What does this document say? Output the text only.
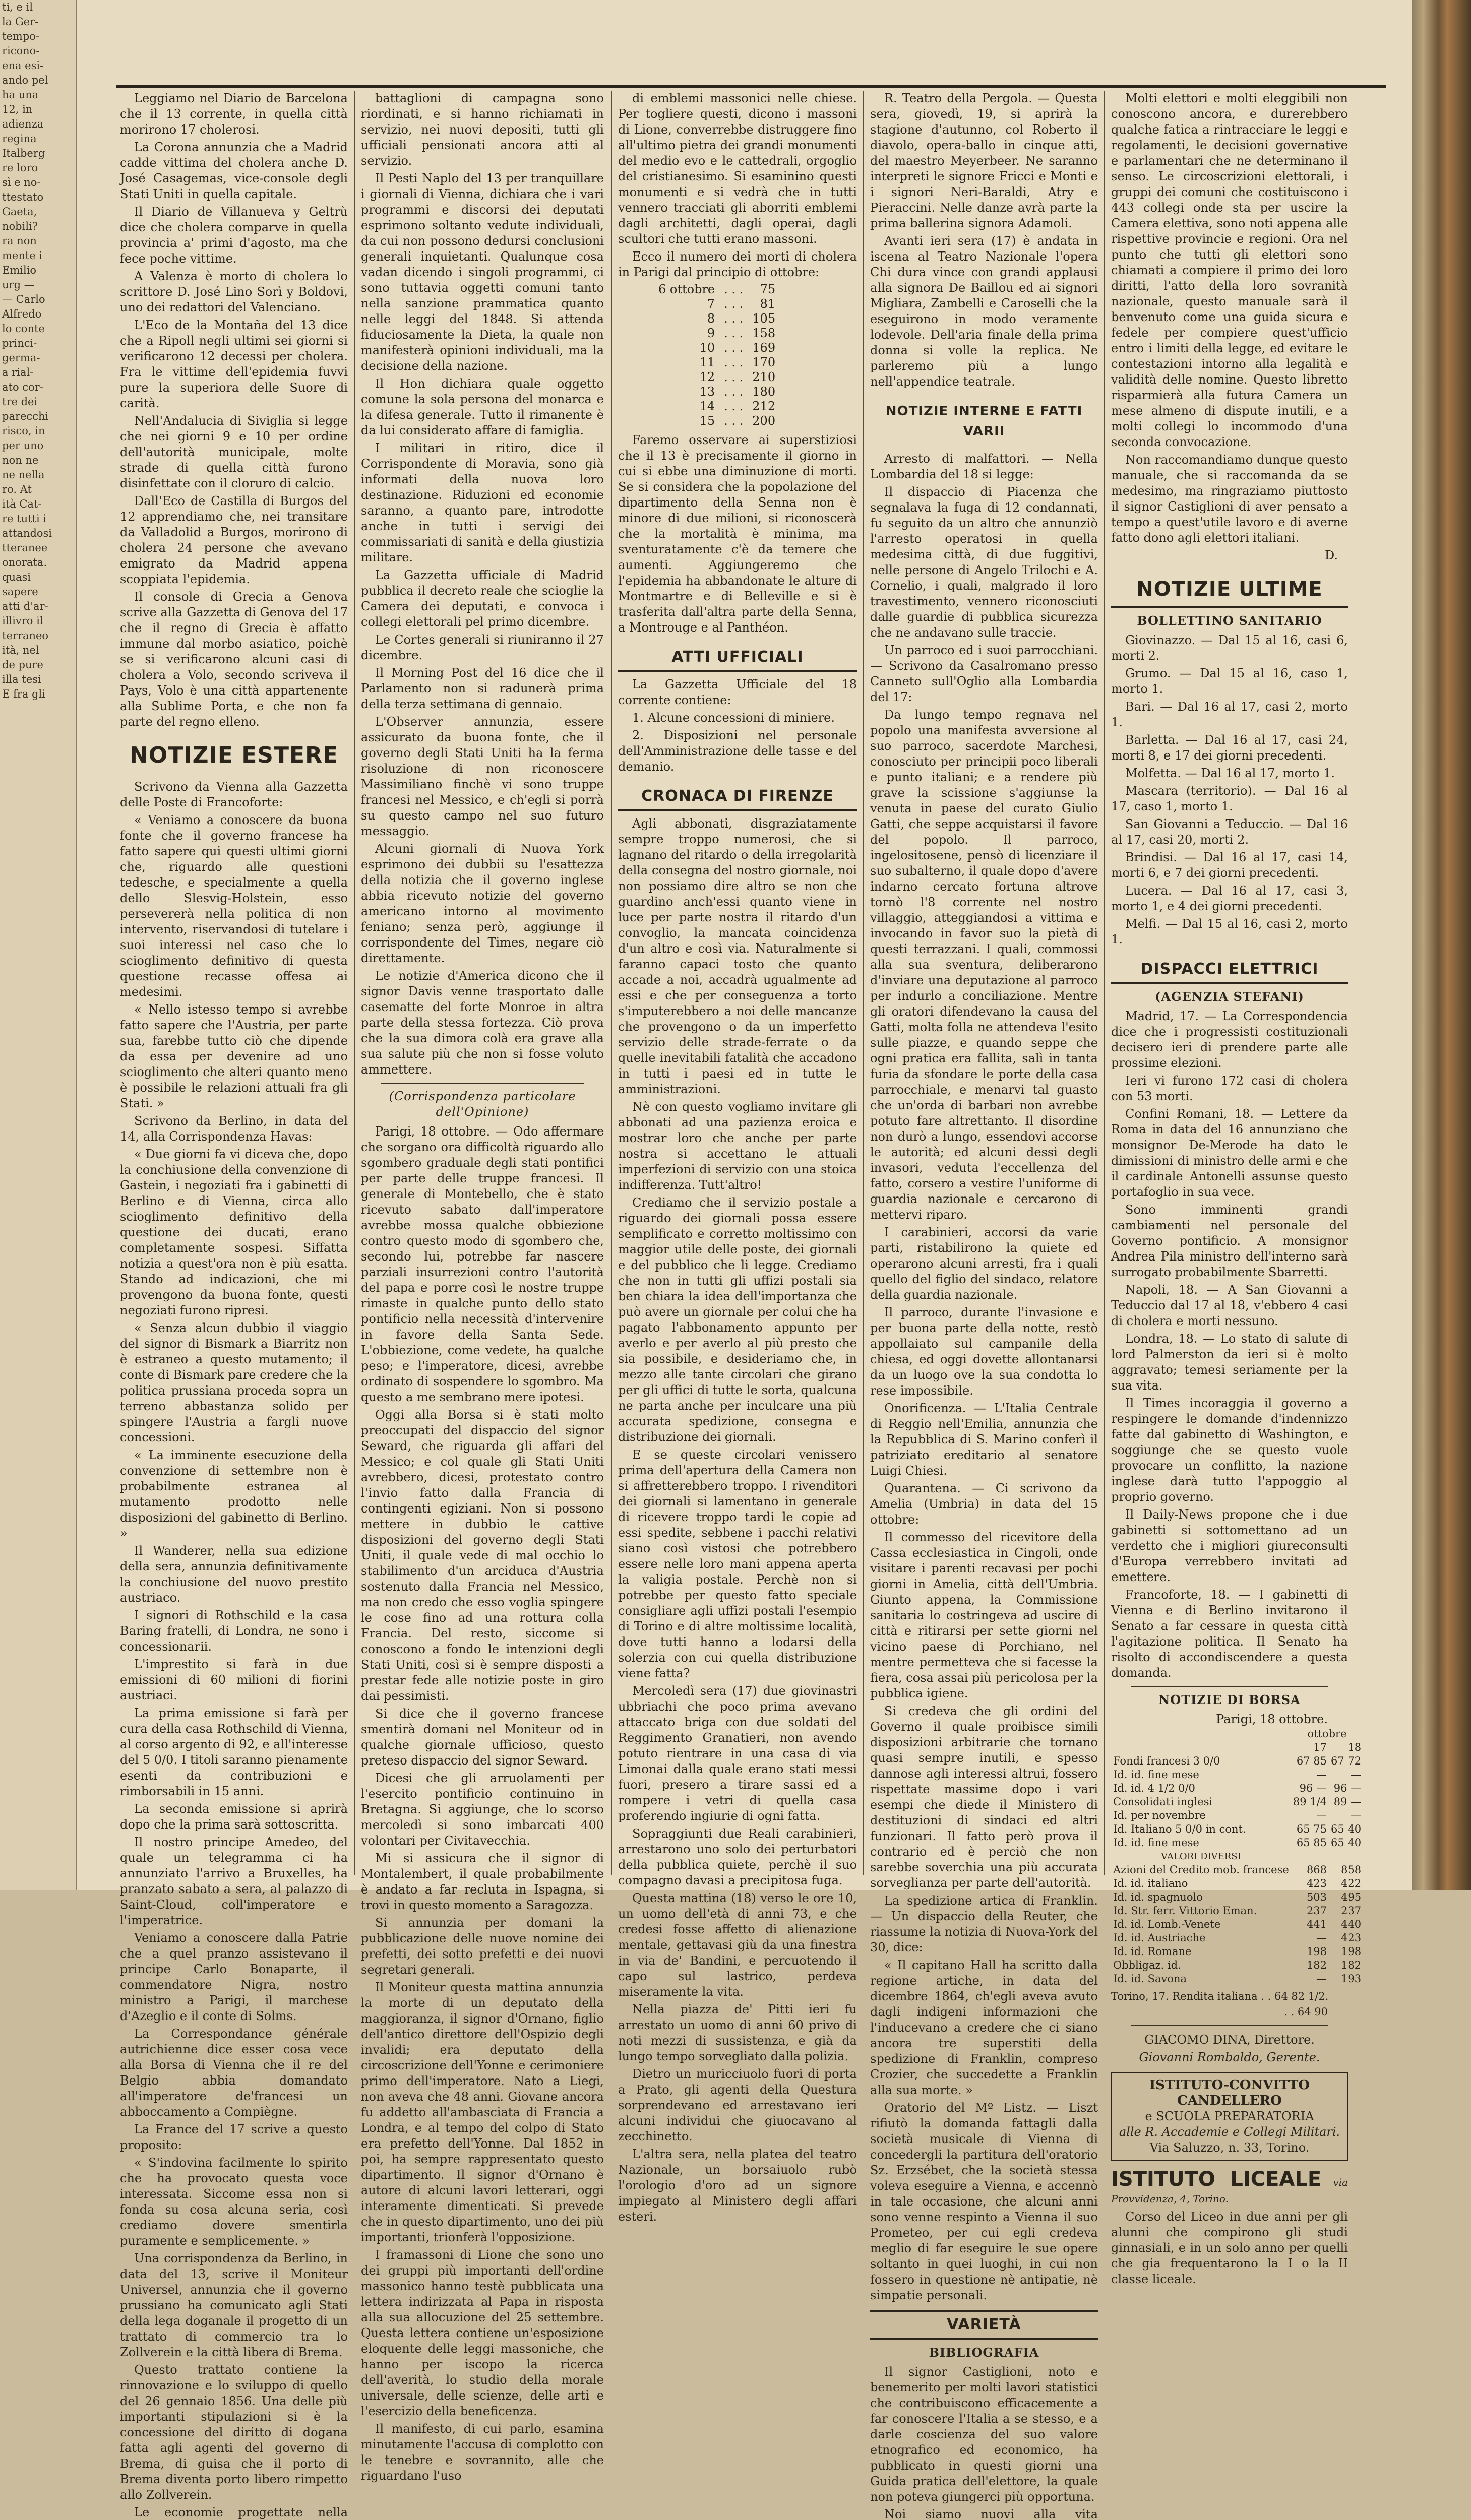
ti, e il
la Ger-
tempo-
ricono-
ena esi-
ando pel
ha una
12, in
adienza
regina
Italberg
re loro
sì e no-
ttestato
Gaeta,
nobili?
ra non
mente i
Emilio
urg —
— Carlo
Alfredo
lo conte
princi-
germa-
a rial-
ato cor-
tre dei
parecchi
risco, in
per uno
non ne
ne nella
ro. At
ità Cat-
re tutti i
attandosi
tteranee
onorata.
quasi
sapere
atti d'ar-
illivro il
terraneo
ità, nel
de pure
illa tesi
E fra gli

Leggiamo nel Diario de Barcelona che il 13 corrente, in quella città morirono 17 cholerosi.

La Corona annunzia che a Madrid cadde vittima del cholera anche D. José Casagemas, vice-console degli Stati Uniti in quella capitale.

Il Diario de Villanueva y Geltrù dice che cholera comparve in quella provincia a' primi d'agosto, ma che fece poche vittime.

A Valenza è morto di cholera lo scrittore D. José Lino Sorì y Boldovi, uno dei redattori del Valenciano.

L'Eco de la Montaña del 13 dice che a Ripoll negli ultimi sei giorni si verificarono 12 decessi per cholera. Fra le vittime dell'epidemia fuvvi pure la superiora delle Suore di carità.

Nell'Andalucia di Siviglia si legge che nei giorni 9 e 10 per ordine dell'autorità municipale, molte strade di quella città furono disinfettate con il cloruro di calcio.

Dall'Eco de Castilla di Burgos del 12 apprendiamo che, nei transitare da Valladolid a Burgos, morirono di cholera 24 persone che avevano emigrato da Madrid appena scoppiata l'epidemia.

Il console di Grecia a Genova scrive alla Gazzetta di Genova del 17 che il regno di Grecia è affatto immune dal morbo asiatico, poichè se si verificarono alcuni casi di cholera a Volo, secondo scriveva il Pays, Volo è una città appartenente alla Sublime Porta, e che non fa parte del regno elleno.

NOTIZIE ESTERE

Scrivono da Vienna alla Gazzetta delle Poste di Francoforte:

« Veniamo a conoscere da buona fonte che il governo francese ha fatto sapere qui questi ultimi giorni che, riguardo alle questioni tedesche, e specialmente a quella dello Slesvig-Holstein, esso persevererà nella politica di non intervento, riservandosi di tutelare i suoi interessi nel caso che lo scioglimento definitivo di questa questione recasse offesa ai medesimi.

« Nello istesso tempo si avrebbe fatto sapere che l'Austria, per parte sua, farebbe tutto ciò che dipende da essa per devenire ad uno scioglimento che alteri quanto meno è possibile le relazioni attuali fra gli Stati. »

Scrivono da Berlino, in data del 14, alla Corrispondenza Havas:

« Due giorni fa vi diceva che, dopo la conchiusione della convenzione di Gastein, i negoziati fra i gabinetti di Berlino e di Vienna, circa allo scioglimento definitivo della questione dei ducati, erano completamente sospesi. Siffatta notizia a quest'ora non è più esatta. Stando ad indicazioni, che mi provengono da buona fonte, questi negoziati furono ripresi.

« Senza alcun dubbio il viaggio del signor di Bismark a Biarritz non è estraneo a questo mutamento; il conte di Bismark pare credere che la politica prussiana proceda sopra un terreno abbastanza solido per spingere l'Austria a fargli nuove concessioni.

« La imminente esecuzione della convenzione di settembre non è probabilmente estranea al mutamento prodotto nelle disposizioni del gabinetto di Berlino. »

Il Wanderer, nella sua edizione della sera, annunzia definitivamente la conchiusione del nuovo prestito austriaco.

I signori di Rothschild e la casa Baring fratelli, di Londra, ne sono i concessionarii.

L'imprestito si farà in due emissioni di 60 milioni di fiorini austriaci.

La prima emissione si farà per cura della casa Rothschild di Vienna, al corso argento di 92, e all'interesse del 5 0/0. I titoli saranno pienamente esenti da contribuzioni e rimborsabili in 15 anni.

La seconda emissione si aprirà dopo che la prima sarà sottoscritta.

Il nostro principe Amedeo, del quale un telegramma ci ha annunziato l'arrivo a Bruxelles, ha pranzato sabato a sera, al palazzo di Saint-Cloud, coll'imperatore e l'imperatrice.

Veniamo a conoscere dalla Patrie che a quel pranzo assistevano il principe Carlo Bonaparte, il commendatore Nigra, nostro ministro a Parigi, il marchese d'Azeglio e il conte di Solms.

La Correspondance générale autrichienne dice esser cosa vece alla Borsa di Vienna che il re del Belgio abbia domandato all'imperatore de'francesi un abboccamento a Compiègne.

La France del 17 scrive a questo proposito:

« S'indovina facilmente lo spirito che ha provocato questa voce interessata. Siccome essa non si fonda su cosa alcuna seria, così crediamo dovere smentirla puramente e semplicemente. »

Una corrispondenza da Berlino, in data del 13, scrive il Moniteur Universel, annunzia che il governo prussiano ha comunicato agli Stati della lega doganale il progetto di un trattato di commercio tra lo Zollverein e la città libera di Brema.

Questo trattato contiene la rinnovazione e lo sviluppo di quello del 26 gennaio 1856. Una delle più importanti stipulazioni si è la concessione del diritto di dogana fatta agli agenti del governo di Brema, di guisa che il porto di Brema diventa porto libero rimpetto allo Zollverein.

Le economie progettate nella

battaglioni di campagna sono riordinati, e si hanno richiamati in servizio, nei nuovi depositi, tutti gli ufficiali pensionati ancora atti al servizio.

Il Pesti Naplo del 13 per tranquillare i giornali di Vienna, dichiara che i vari programmi e discorsi dei deputati esprimono soltanto vedute individuali, da cui non possono dedursi conclusioni generali inquietanti. Qualunque cosa vadan dicendo i singoli programmi, ci sono tuttavia oggetti comuni tanto nella sanzione prammatica quanto nelle leggi del 1848. Si attenda fiduciosamente la Dieta, la quale non manifesterà opinioni individuali, ma la decisione della nazione.

Il Hon dichiara quale oggetto comune la sola persona del monarca e la difesa generale. Tutto il rimanente è da lui considerato affare di famiglia.

I militari in ritiro, dice il Corrispondente di Moravia, sono già informati della nuova loro destinazione. Riduzioni ed economie saranno, a quanto pare, introdotte anche in tutti i servigi dei commissariati di sanità e della giustizia militare.

La Gazzetta ufficiale di Madrid pubblica il decreto reale che scioglie la Camera dei deputati, e convoca i collegi elettorali pel primo dicembre.

Le Cortes generali si riuniranno il 27 dicembre.

Il Morning Post del 16 dice che il Parlamento non si radunerà prima della terza settimana di gennaio.

L'Observer annunzia, essere assicurato da buona fonte, che il governo degli Stati Uniti ha la ferma risoluzione di non riconoscere Massimiliano finchè vi sono truppe francesi nel Messico, e ch'egli si porrà su questo campo nel suo futuro messaggio.

Alcuni giornali di Nuova York esprimono dei dubbii su l'esattezza della notizia che il governo inglese abbia ricevuto notizie del governo americano intorno al movimento feniano; senza però, aggiunge il corrispondente del Times, negare ciò direttamente.

Le notizie d'America dicono che il signor Davis venne trasportato dalle casematte del forte Monroe in altra parte della stessa fortezza. Ciò prova che la sua dimora colà era grave alla sua salute più che non si fosse voluto ammettere.

(Corrispondenza particolare dell'Opinione)

Parigi, 18 ottobre. — Odo affermare che sorgano ora difficoltà riguardo allo sgombero graduale degli stati pontifici per parte delle truppe francesi. Il generale di Montebello, che è stato ricevuto sabato dall'imperatore avrebbe mossa qualche obbiezione contro questo modo di sgombero che, secondo lui, potrebbe far nascere parziali insurrezioni contro l'autorità del papa e porre così le nostre truppe rimaste in qualche punto dello stato pontificio nella necessità d'intervenire in favore della Santa Sede. L'obbiezione, come vedete, ha qualche peso; e l'imperatore, dicesi, avrebbe ordinato di sospendere lo sgombro. Ma questo a me sembrano mere ipotesi.

Oggi alla Borsa si è stati molto preoccupati del dispaccio del signor Seward, che riguarda gli affari del Messico; e col quale gli Stati Uniti avrebbero, dicesi, protestato contro l'invio fatto dalla Francia di contingenti egiziani. Non si possono mettere in dubbio le cattive disposizioni del governo degli Stati Uniti, il quale vede di mal occhio lo stabilimento d'un arciduca d'Austria sostenuto dalla Francia nel Messico, ma non credo che esso voglia spingere le cose fino ad una rottura colla Francia. Del resto, siccome si conoscono a fondo le intenzioni degli Stati Uniti, così si è sempre disposti a prestar fede alle notizie poste in giro dai pessimisti.

Si dice che il governo francese smentirà domani nel Moniteur od in qualche giornale ufficioso, questo preteso dispaccio del signor Seward.

Dicesi che gli arruolamenti per l'esercito pontificio continuino in Bretagna. Si aggiunge, che lo scorso mercoledì si sono imbarcati 400 volontari per Civitavecchia.

Mi si assicura che il signor di Montalembert, il quale probabilmente è andato a far recluta in Ispagna, si trovi in questo momento a Saragozza.

Si annunzia per domani la pubblicazione delle nuove nomine dei prefetti, dei sotto prefetti e dei nuovi segretari generali.

Il Moniteur questa mattina annunzia la morte di un deputato della maggioranza, il signor d'Ornano, figlio dell'antico direttore dell'Ospizio degli invalidi; era deputato della circoscrizione dell'Yonne e cerimoniere primo dell'imperatore. Nato a Liegi, non aveva che 48 anni. Giovane ancora fu addetto all'ambasciata di Francia a Londra, e al tempo del colpo di Stato era prefetto dell'Yonne. Dal 1852 in poi, ha sempre rappresentato questo dipartimento. Il signor d'Ornano è autore di alcuni lavori letterari, oggi interamente dimenticati. Si prevede che in questo dipartimento, uno dei più importanti, trionferà l'opposizione.

I framassoni di Lione che sono uno dei gruppi più importanti dell'ordine massonico hanno testè pubblicata una lettera indirizzata al Papa in risposta alla sua allocuzione del 25 settembre. Questa lettera contiene un'esposizione eloquente delle leggi massoniche, che hanno per iscopo la ricerca dell'averità, lo studio della morale universale, delle scienze, delle arti e l'esercizio della beneficenza.

Il manifesto, di cui parlo, esamina minutamente l'accusa di complotto con le tenebre e sovrannito, alle che riguardano l'uso

di emblemi massonici nelle chiese. Per togliere questi, dicono i massoni di Lione, converrebbe distruggere fino all'ultimo pietra dei grandi monumenti del medio evo e le cattedrali, orgoglio del cristianesimo. Si esaminino questi monumenti e si vedrà che in tutti vennero tracciati gli aborriti emblemi dagli architetti, dagli operai, dagli scultori che tutti erano massoni.

Ecco il numero dei morti di cholera in Parigi dal principio di ottobre:

6 ottobre	. . .	75
7	. . .	81
8	. . .	105
9	. . .	158
10	. . .	169
11	. . .	170
12	. . .	210
13	. . .	180
14	. . .	212
15	. . .	200

Faremo osservare ai superstiziosi che il 13 è precisamente il giorno in cui si ebbe una diminuzione di morti. Se si considera che la popolazione del dipartimento della Senna non è minore di due milioni, si riconoscerà che la mortalità è minima, ma sventuratamente c'è da temere che aumenti. Aggiungeremo che l'epidemia ha abbandonate le alture di Montmartre e di Belleville e si è trasferita dall'altra parte della Senna, a Montrouge e al Panthéon.

ATTI UFFICIALI

La Gazzetta Ufficiale del 18 corrente contiene:

1. Alcune concessioni di miniere.

2. Disposizioni nel personale dell'Amministrazione delle tasse e del demanio.

CRONACA DI FIRENZE

Agli abbonati, disgraziatamente sempre troppo numerosi, che si lagnano del ritardo o della irregolarità della consegna del nostro giornale, noi non possiamo dire altro se non che guardino anch'essi quanto viene in luce per parte nostra il ritardo d'un convoglio, la mancata coincidenza d'un altro e così via. Naturalmente si faranno capaci tosto che quanto accade a noi, accadrà ugualmente ad essi e che per conseguenza a torto s'imputerebbero a noi delle mancanze che provengono o da un imperfetto servizio delle strade-ferrate o da quelle inevitabili fatalità che accadono in tutti i paesi ed in tutte le amministrazioni.

Nè con questo vogliamo invitare gli abbonati ad una pazienza eroica e mostrar loro che anche per parte nostra si accettano le attuali imperfezioni di servizio con una stoica indifferenza. Tutt'altro!

Crediamo che il servizio postale a riguardo dei giornali possa essere semplificato e corretto moltissimo con maggior utile delle poste, dei giornali e del pubblico che li legge. Crediamo che non in tutti gli uffizi postali sia ben chiara la idea dell'importanza che può avere un giornale per colui che ha pagato l'abbonamento appunto per averlo e per averlo al più presto che sia possibile, e desideriamo che, in mezzo alle tante circolari che girano per gli uffici di tutte le sorta, qualcuna ne parta anche per inculcare una più accurata spedizione, consegna e distribuzione dei giornali.

E se queste circolari venissero prima dell'apertura della Camera non si affretterebbero troppo. I rivenditori dei giornali si lamentano in generale di ricevere troppo tardi le copie ad essi spedite, sebbene i pacchi relativi siano così vistosi che potrebbero essere nelle loro mani appena aperta la valigia postale. Perchè non si potrebbe per questo fatto speciale consigliare agli uffizi postali l'esempio di Torino e di altre moltissime località, dove tutti hanno a lodarsi della solerzia con cui quella distribuzione viene fatta?

Mercoledì sera (17) due giovinastri ubbriachi che poco prima avevano attaccato briga con due soldati del Reggimento Granatieri, non avendo potuto rientrare in una casa di via Limonai dalla quale erano stati messi fuori, presero a tirare sassi ed a rompere i vetri di quella casa proferendo ingiurie di ogni fatta.

Sopraggiunti due Reali carabinieri, arrestarono uno solo dei perturbatori della pubblica quiete, perchè il suo compagno davasi a precipitosa fuga.

Questa mattina (18) verso le ore 10, un uomo dell'età di anni 73, e che credesi fosse affetto di alienazione mentale, gettavasi giù da una finestra in via de' Bandini, e percuotendo il capo sul lastrico, perdeva miseramente la vita.

Nella piazza de' Pitti ieri fu arrestato un uomo di anni 60 privo di noti mezzi di sussistenza, e già da lungo tempo sorvegliato dalla polizia.

Dietro un muricciuolo fuori di porta a Prato, gli agenti della Questura sorprendevano ed arrestavano ieri alcuni individui che giuocavano al zecchinetto.

L'altra sera, nella platea del teatro Nazionale, un borsaiuolo rubò l'orologio d'oro ad un signore impiegato al Ministero degli affari esteri.

R. Teatro della Pergola. — Questa sera, giovedì, 19, si aprirà la stagione d'autunno, col Roberto il diavolo, opera-ballo in cinque atti, del maestro Meyerbeer. Ne saranno interpreti le signore Fricci e Monti e i signori Neri-Baraldi, Atry e Pieraccini. Nelle danze avrà parte la prima ballerina signora Adamoli.

Avanti ieri sera (17) è andata in iscena al Teatro Nazionale l'opera Chi dura vince con grandi applausi alla signora De Baillou ed ai signori Migliara, Zambelli e Caroselli che la eseguirono in modo veramente lodevole. Dell'aria finale della prima donna si volle la replica. Ne parleremo più a lungo nell'appendice teatrale.

NOTIZIE INTERNE E FATTI VARII

Arresto di malfattori. — Nella Lombardia del 18 si legge:

Il dispaccio di Piacenza che segnalava la fuga di 12 condannati, fu seguito da un altro che annunziò l'arresto operatosi in quella medesima città, di due fuggitivi, nelle persone di Angelo Trilochi e A. Cornelio, i quali, malgrado il loro travestimento, vennero riconosciuti dalle guardie di pubblica sicurezza che ne andavano sulle traccie.

Un parroco ed i suoi parrocchiani. — Scrivono da Casalromano presso Canneto sull'Oglio alla Lombardia del 17:

Da lungo tempo regnava nel popolo una manifesta avversione al suo parroco, sacerdote Marchesi, conosciuto per principii poco liberali e punto italiani; e a rendere più grave la scissione s'aggiunse la venuta in paese del curato Giulio Gatti, che seppe acquistarsi il favore del popolo. Il parroco, ingelositosene, pensò di licenziare il suo subalterno, il quale dopo d'avere indarno cercato fortuna altrove tornò l'8 corrente nel nostro villaggio, atteggiandosi a vittima e invocando in favor suo la pietà di questi terrazzani. I quali, commossi alla sua sventura, deliberarono d'inviare una deputazione al parroco per indurlo a conciliazione. Mentre gli oratori difendevano la causa del Gatti, molta folla ne attendeva l'esito sulle piazze, e quando seppe che ogni pratica era fallita, salì in tanta furia da sfondare le porte della casa parrocchiale, e menarvi tal guasto che un'orda di barbari non avrebbe potuto fare altrettanto. Il disordine non durò a lungo, essendovi accorse le autorità; ed alcuni dessi degli invasori, veduta l'eccellenza del fatto, corsero a vestire l'uniforme di guardia nazionale e cercarono di mettervi riparo.

I carabinieri, accorsi da varie parti, ristabilirono la quiete ed operarono alcuni arresti, fra i quali quello del figlio del sindaco, relatore della guardia nazionale.

Il parroco, durante l'invasione e per buona parte della notte, restò appollaiato sul campanile della chiesa, ed oggi dovette allontanarsi da un luogo ove la sua condotta lo rese impossibile.

Onorificenza. — L'Italia Centrale di Reggio nell'Emilia, annunzia che la Repubblica di S. Marino conferì il patriziato ereditario al senatore Luigi Chiesi.

Quarantena. — Ci scrivono da Amelia (Umbria) in data del 15 ottobre:

Il commesso del ricevitore della Cassa ecclesiastica in Cingoli, onde visitare i parenti recavasi per pochi giorni in Amelia, città dell'Umbria. Giunto appena, la Commissione sanitaria lo costringeva ad uscire di città e ritirarsi per sette giorni nel vicino paese di Porchiano, nel mentre permetteva che si facesse la fiera, cosa assai più pericolosa per la pubblica igiene.

Si credeva che gli ordini del Governo il quale proibisce simili disposizioni arbitrarie che tornano quasi sempre inutili, e spesso dannose agli interessi altrui, fossero rispettate massime dopo i vari esempi che diede il Ministero di destituzioni di sindaci ed altri funzionari. Il fatto però prova il contrario ed è perciò che non sarebbe soverchia una più accurata sorveglianza per parte dell'autorità.

La spedizione artica di Franklin. — Un dispaccio della Reuter, che riassume la notizia di Nuova-York del 30, dice:

« Il capitano Hall ha scritto dalla regione artiche, in data del dicembre 1864, ch'egli aveva avuto dagli indigeni informazioni che l'inducevano a credere che ci siano ancora tre superstiti della spedizione di Franklin, compreso Crozier, che succedette a Franklin alla sua morte. »

Oratorio del Mº Listz. — Liszt rifiutò la domanda fattagli dalla società musicale di Vienna di concedergli la partitura dell'oratorio Sz. Erzsébet, che la società stessa voleva eseguire a Vienna, e accennò in tale occasione, che alcuni anni sono venne respinto a Vienna il suo Prometeo, per cui egli credeva meglio di far eseguire le sue opere soltanto in quei luoghi, in cui non fossero in questione nè antipatie, nè simpatie personali.

VARIETÀ
BIBLIOGRAFIA

Il signor Castiglioni, noto e benemerito per molti lavori statistici che contribuiscono efficacemente a far conoscere l'Italia a se stesso, e a darle coscienza del suo valore etnografico ed economico, ha pubblicato in questi giorni una Guida pratica dell'elettore, la quale non poteva giungerci più opportuna.

Noi siamo nuovi alla vita

Molti elettori e molti eleggibili non conoscono ancora, e durerebbero qualche fatica a rintracciare le leggi e regolamenti, le decisioni governative e parlamentari che ne determinano il senso. Le circoscrizioni elettorali, i gruppi dei comuni che costituiscono i 443 collegi onde sta per uscire la Camera elettiva, sono noti appena alle rispettive provincie e regioni. Ora nel punto che tutti gli elettori sono chiamati a compiere il primo dei loro diritti, l'atto della loro sovranità nazionale, questo manuale sarà il benvenuto come una guida sicura e fedele per compiere quest'ufficio entro i limiti della legge, ed evitare le contestazioni intorno alla legalità e validità delle nomine. Questo libretto risparmierà alla futura Camera un mese almeno di dispute inutili, e a molti collegi lo incommodo d'una seconda convocazione.

Non raccomandiamo dunque questo manuale, che si raccomanda da se medesimo, ma ringraziamo piuttosto il signor Castiglioni di aver pensato a tempo a quest'utile lavoro e di averne fatto dono agli elettori italiani.

D.
NOTIZIE ULTIME
BOLLETTINO SANITARIO

Giovinazzo. — Dal 15 al 16, casi 6, morti 2.

Grumo. — Dal 15 al 16, caso 1, morto 1.

Bari. — Dal 16 al 17, casi 2, morto 1.

Barletta. — Dal 16 al 17, casi 24, morti 8, e 17 dei giorni precedenti.

Molfetta. — Dal 16 al 17, morto 1.

Mascara (territorio). — Dal 16 al 17, caso 1, morto 1.

San Giovanni a Teduccio. — Dal 16 al 17, casi 20, morti 2.

Brindisi. — Dal 16 al 17, casi 14, morti 6, e 7 dei giorni precedenti.

Lucera. — Dal 16 al 17, casi 3, morto 1, e 4 dei giorni precedenti.

Melfi. — Dal 15 al 16, casi 2, morto 1.

DISPACCI ELETTRICI
(AGENZIA STEFANI)

Madrid, 17. — La Correspondencia dice che i progressisti costituzionali decisero ieri di prendere parte alle prossime elezioni.

Ieri vi furono 172 casi di cholera con 53 morti.

Confini Romani, 18. — Lettere da Roma in data del 16 annunziano che monsignor De-Merode ha dato le dimissioni di ministro delle armi e che il cardinale Antonelli assunse questo portafoglio in sua vece.

Sono imminenti grandi cambiamenti nel personale del Governo pontificio. A monsignor Andrea Pila ministro dell'interno sarà surrogato probabilmente Sbarretti.

Napoli, 18. — A San Giovanni a Teduccio dal 17 al 18, v'ebbero 4 casi di cholera e morti nessuno.

Londra, 18. — Lo stato di salute di lord Palmerston da ieri si è molto aggravato; temesi seriamente per la sua vita.

Il Times incoraggia il governo a respingere le domande d'indennizzo fatte dal gabinetto di Washington, e soggiunge che se questo vuole provocare un conflitto, la nazione inglese darà tutto l'appoggio al proprio governo.

Il Daily-News propone che i due gabinetti si sottomettano ad un verdetto che i migliori giureconsulti d'Europa verrebbero invitati ad emettere.

Francoforte, 18. — I gabinetti di Vienna e di Berlino invitarono il Senato a far cessare in questa città l'agitazione politica. Il Senato ha risolto di accondiscendere a questa domanda.

NOTIZIE DI BORSA
Parigi, 18 ottobre.
	ottobre	
	17	18
Fondi francesi 3 0/0	67 85	67 72
Id. id. fine mese	—	—
Id. id. 4 1/2 0/0	96 —	96 —
Consolidati inglesi	89 1/4	89 —
Id. per novembre	—	—
Id. Italiano 5 0/0 in cont.	65 75	65 40
Id. id. fine mese	65 85	65 40
VALORI DIVERSI		
Azioni del Credito mob. francese	868	858
Id. id. italiano	423	422
Id. id. spagnuolo	503	495
Id. Str. ferr. Vittorio Eman.	237	237
Id. id. Lomb.-Venete	441	440
Id. id. Austriache	—	423
Id. id. Romane	198	198
Obbligaz. id.	182	182
Id. id. Savona	—	193
Torino, 17. Rendita italiana . . 64 82 1/2.
. . 64 90
GIACOMO DINA, Direttore.
Giovanni Rombaldo, Gerente.
ISTITUTO-CONVITTO CANDELLERO
e SCUOLA PREPARATORIA
alle R. Accademie e Collegi Militari.
Via Saluzzo, n. 33, Torino.
ISTITUTO LICEALE via Provvidenza, 4, Torino.

Corso del Liceo in due anni per gli alunni che compirono gli studi ginnasiali, e in un solo anno per quelli che gia frequentarono la I o la II classe liceale.
